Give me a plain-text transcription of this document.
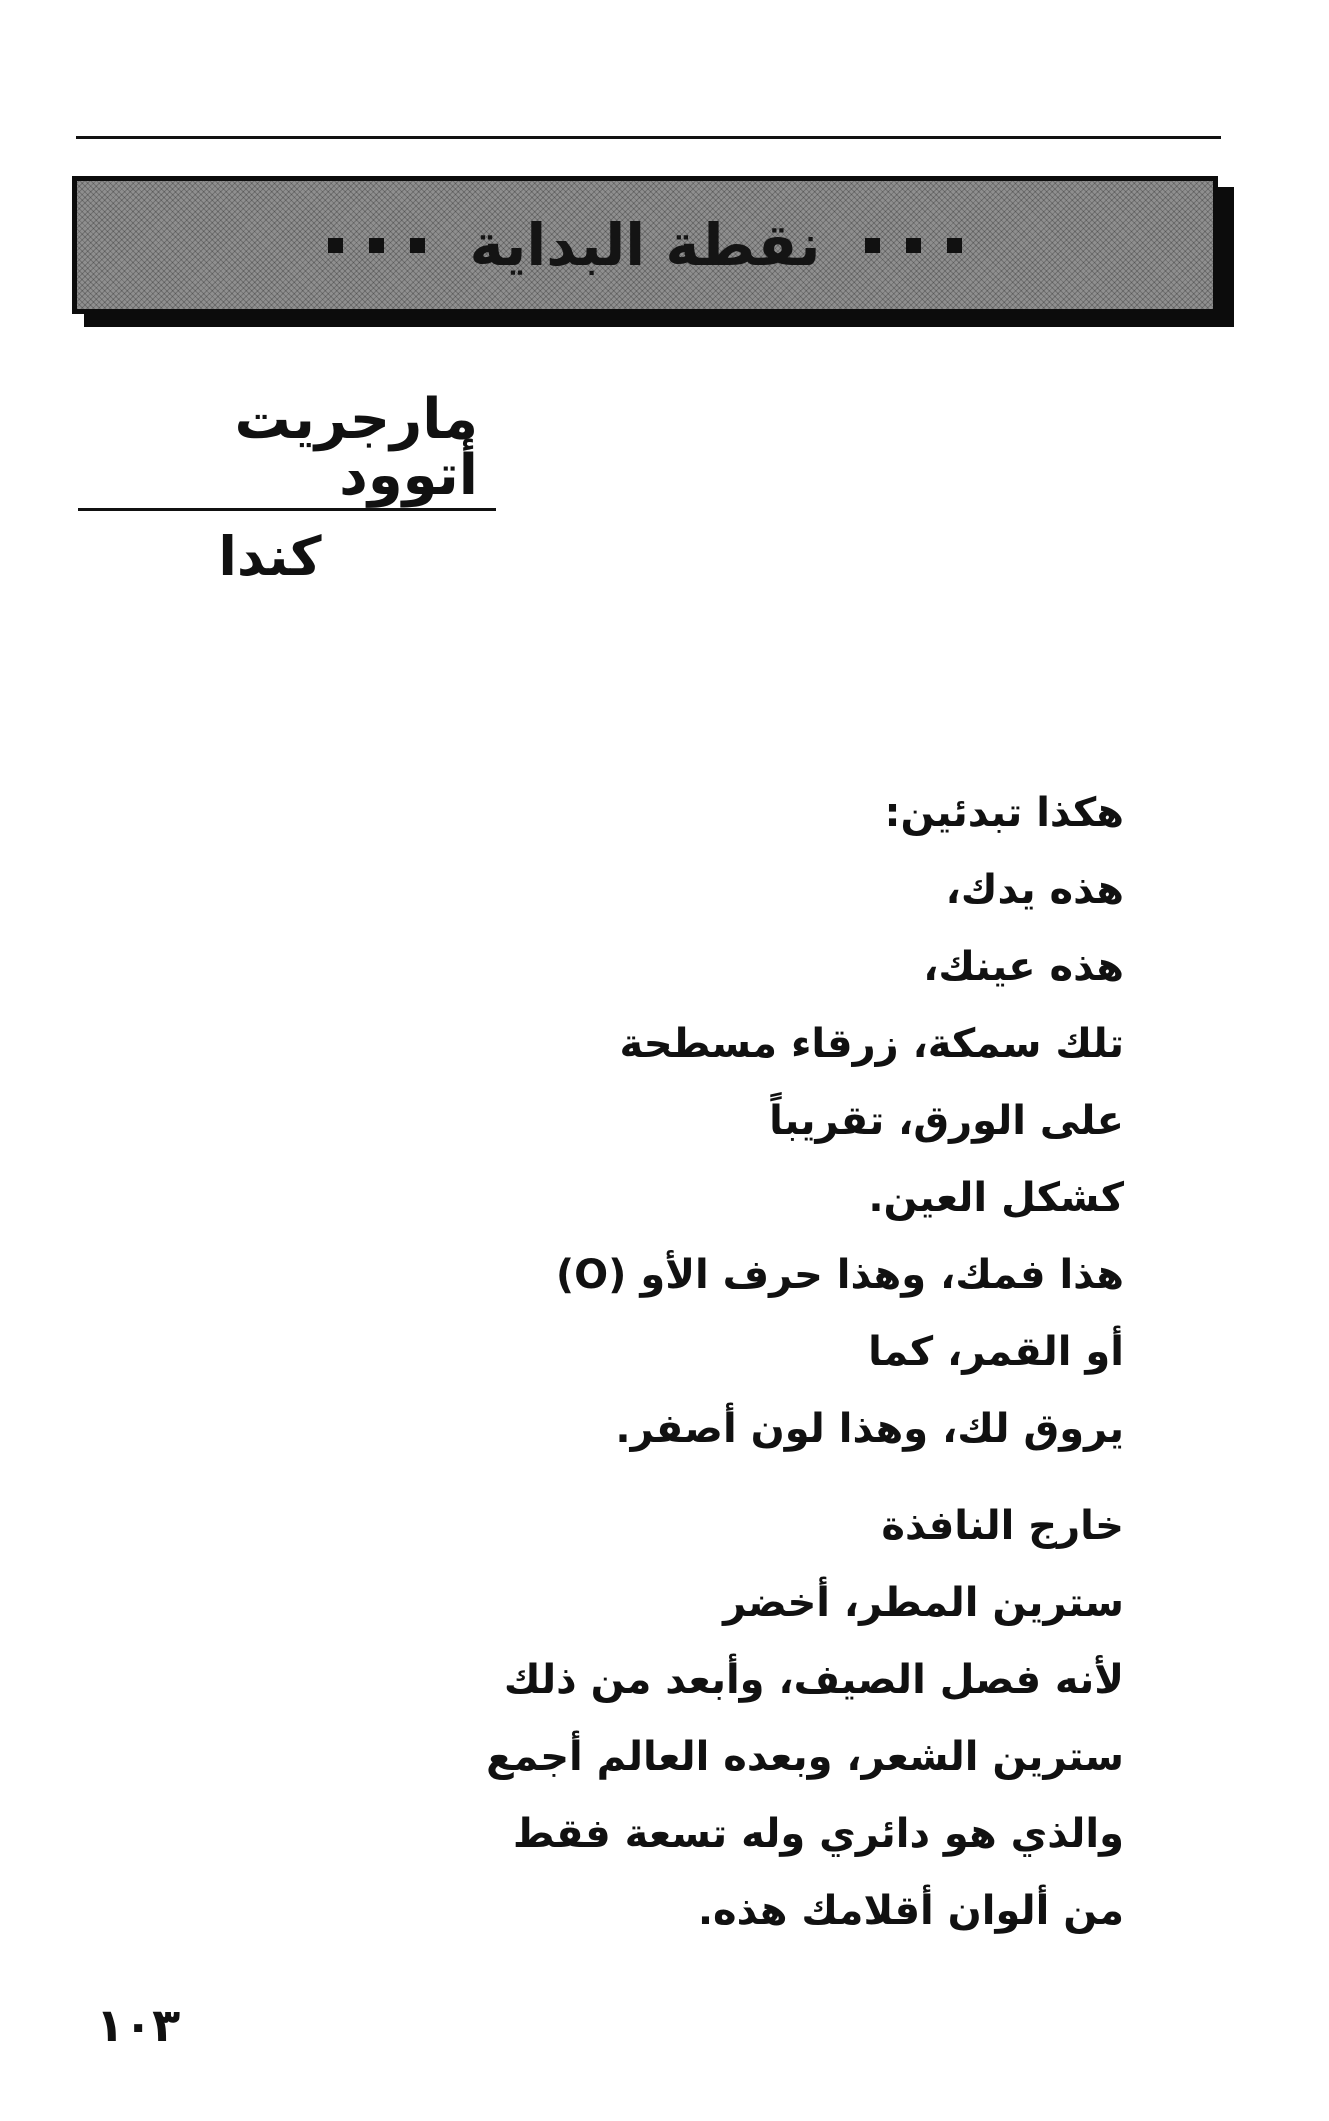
نقطة البداية
مارجريت أتوود
كندا
هكذا تبدئين:
هذه يدك،
هذه عينك،
تلك سمكة، زرقاء مسطحة
على الورق، تقريباً
كشكل العين.
هذا فمك، وهذا حرف الأو (O)
أو القمر، كما
يروق لك، وهذا لون أصفر.
خارج النافذة
سترين المطر، أخضر
لأنه فصل الصيف، وأبعد من ذلك
سترين الشعر، وبعده العالم أجمع
والذي هو دائري وله تسعة فقط
من ألوان أقلامك هذه.
١٠٣
